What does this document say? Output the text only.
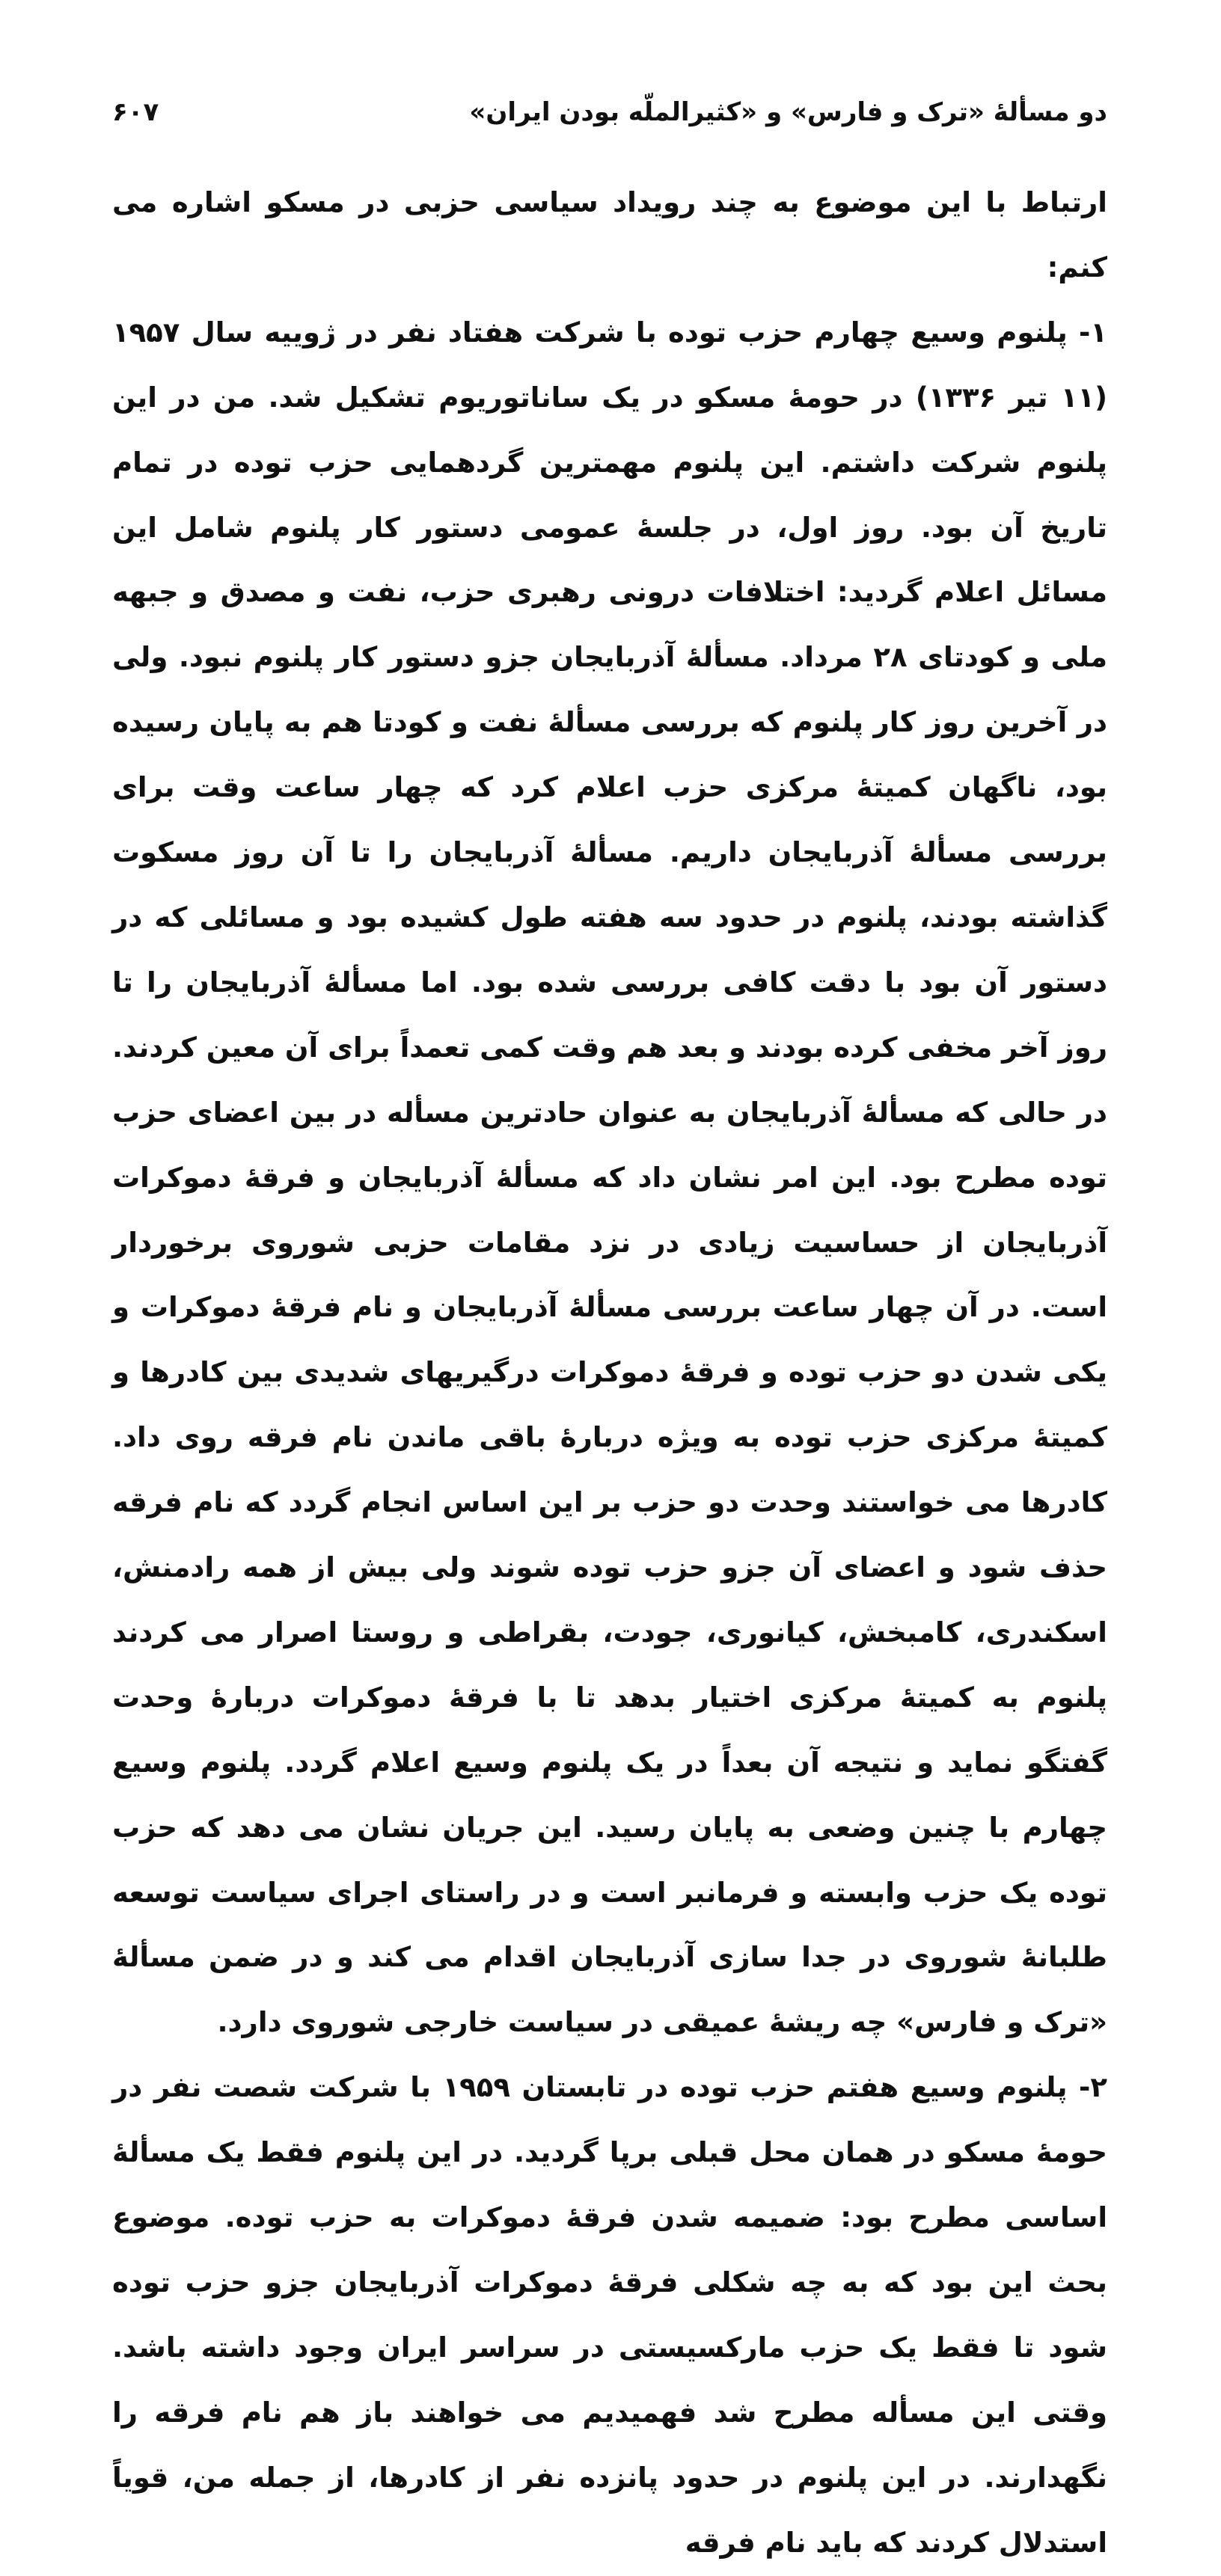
دو مسألهٔ «ترک و فارس» و «کثیرالملّه بودن ایران»
۶۰۷

ارتباط با این موضوع به چند رویداد سیاسی حزبی در مسکو اشاره می کنم:

۱- پلنوم وسیع چهارم حزب توده با شرکت هفتاد نفر در ژوییه سال ۱۹۵۷ (۱۱ تیر ۱۳۳۶) در حومهٔ مسکو در یک ساناتوریوم تشکیل شد. من در این پلنوم شرکت داشتم. این پلنوم مهمترین گردهمایی حزب توده در تمام تاریخ آن بود. روز اول، در جلسهٔ عمومی دستور کار پلنوم شامل این مسائل اعلام گردید: اختلافات درونی رهبری حزب، نفت و مصدق و جبهه ملی و کودتای ۲۸ مرداد. مسألهٔ آذربایجان جزو دستور کار پلنوم نبود. ولی در آخرین روز کار پلنوم که بررسی مسألهٔ نفت و کودتا هم به پایان رسیده بود، ناگهان کمیتهٔ مرکزی حزب اعلام کرد که چهار ساعت وقت برای بررسی مسألهٔ آذربایجان داریم. مسألهٔ آذربایجان را تا آن روز مسکوت گذاشته بودند، پلنوم در حدود سه هفته طول کشیده بود و مسائلی که در دستور آن بود با دقت کافی بررسی شده بود. اما مسألهٔ آذربایجان را تا روز آخر مخفی کرده بودند و بعد هم وقت کمی تعمداً برای آن معین کردند. در حالی که مسألهٔ آذربایجان به عنوان حادترین مسأله در بین اعضای حزب توده مطرح بود. این امر نشان داد که مسألهٔ آذربایجان و فرقهٔ دموکرات آذربایجان از حساسیت زیادی در نزد مقامات حزبی شوروی برخوردار است. در آن چهار ساعت بررسی مسألهٔ آذربایجان و نام فرقهٔ دموکرات و یکی شدن دو حزب توده و فرقهٔ دموکرات درگیریهای شدیدی بین کادرها و کمیتهٔ مرکزی حزب توده به ویژه دربارهٔ باقی ماندن نام فرقه روی داد. کادرها می خواستند وحدت دو حزب بر این اساس انجام گردد که نام فرقه حذف شود و اعضای آن جزو حزب توده شوند ولی بیش از همه رادمنش، اسکندری، کامبخش، کیانوری، جودت، بقراطی و روستا اصرار می کردند پلنوم به کمیتهٔ مرکزی اختیار بدهد تا با فرقهٔ دموکرات دربارهٔ وحدت گفتگو نماید و نتیجه آن بعداً در یک پلنوم وسیع اعلام گردد. پلنوم وسیع چهارم با چنین وضعی به پایان رسید. این جریان نشان می دهد که حزب توده یک حزب وابسته و فرمانبر است و در راستای اجرای سیاست توسعه طلبانهٔ شوروی در جدا سازی آذربایجان اقدام می کند و در ضمن مسألهٔ «ترک و فارس» چه ریشهٔ عمیقی در سیاست خارجی شوروی دارد.

۲- پلنوم وسیع هفتم حزب توده در تابستان ۱۹۵۹ با شرکت شصت نفر در حومهٔ مسکو در همان محل قبلی برپا گردید. در این پلنوم فقط یک مسألهٔ اساسی مطرح بود: ضمیمه شدن فرقهٔ دموکرات به حزب توده. موضوع بحث این بود که به چه شکلی فرقهٔ دموکرات آذربایجان جزو حزب توده شود تا فقط یک حزب مارکسیستی در سراسر ایران وجود داشته باشد. وقتی این مسأله مطرح شد فهمیدیم می خواهند باز هم نام فرقه را نگهدارند. در این پلنوم در حدود پانزده نفر از کادرها، از جمله من، قویاً استدلال کردند که باید نام فرقه
